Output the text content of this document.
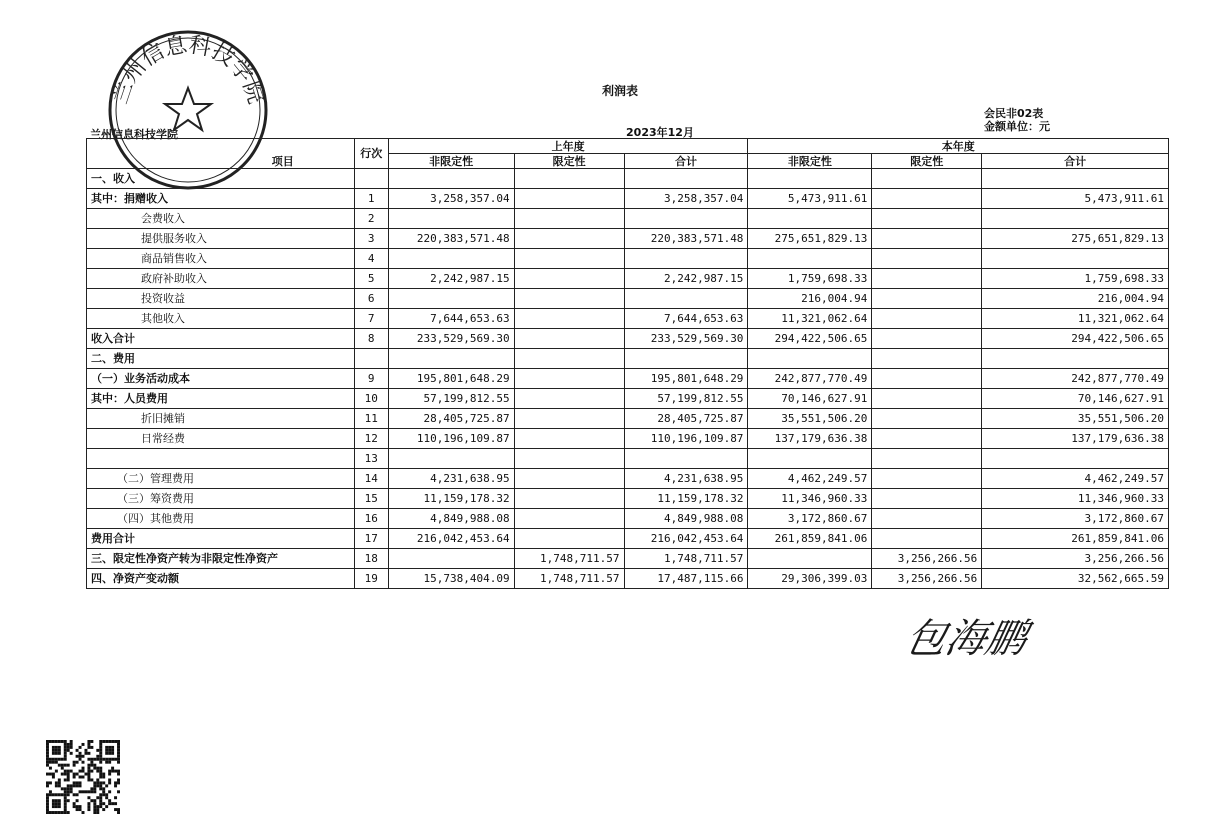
利润表
2023年12月
会民非02表
金额单位：元
兰州信息科技学院
项目	行次	上年度			本年度		
		非限定性	限定性	合计	非限定性	限定性	合计
一、收入							
其中：捐赠收入	1	3,258,357.04		3,258,357.04	5,473,911.61		5,473,911.61
会费收入	2						
提供服务收入	3	220,383,571.48		220,383,571.48	275,651,829.13		275,651,829.13
商品销售收入	4						
政府补助收入	5	2,242,987.15		2,242,987.15	1,759,698.33		1,759,698.33
投资收益	6				216,004.94		216,004.94
其他收入	7	7,644,653.63		7,644,653.63	11,321,062.64		11,321,062.64
收入合计	8	233,529,569.30		233,529,569.30	294,422,506.65		294,422,506.65
二、费用							
（一）业务活动成本	9	195,801,648.29		195,801,648.29	242,877,770.49		242,877,770.49
其中：人员费用	10	57,199,812.55		57,199,812.55	70,146,627.91		70,146,627.91
折旧摊销	11	28,405,725.87		28,405,725.87	35,551,506.20		35,551,506.20
日常经费	12	110,196,109.87		110,196,109.87	137,179,636.38		137,179,636.38
	13						
（二）管理费用	14	4,231,638.95		4,231,638.95	4,462,249.57		4,462,249.57
（三）筹资费用	15	11,159,178.32		11,159,178.32	11,346,960.33		11,346,960.33
（四）其他费用	16	4,849,988.08		4,849,988.08	3,172,860.67		3,172,860.67
费用合计	17	216,042,453.64		216,042,453.64	261,859,841.06		261,859,841.06
三、限定性净资产转为非限定性净资产	18		1,748,711.57	1,748,711.57		3,256,266.56	3,256,266.56
四、净资产变动额	19	15,738,404.09	1,748,711.57	17,487,115.66	29,306,399.03	3,256,266.56	32,562,665.59
兰州信息科技学院
包海鹏
